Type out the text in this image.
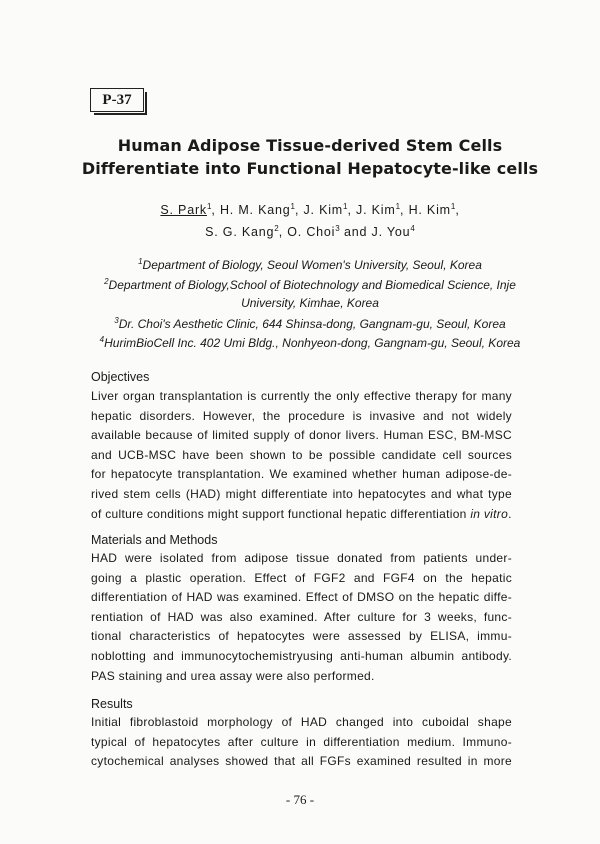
P-37
Human Adipose Tissue-derived Stem Cells
Differentiate into Functional Hepatocyte-like cells
S. Park$^1$, H. M. Kang$^1$, J. Kim$^1$, J. Kim$^1$, H. Kim$^1$,
S. G. Kang$^2$, O. Choi$^3$ and J. You$^4$
$^1$Department of Biology, Seoul Women's University, Seoul, Korea
$^2$Department of Biology,School of Biotechnology and Biomedical Science, Inje
University, Kimhae, Korea
$^3$Dr. Choi's Aesthetic Clinic, 644 Shinsa-dong, Gangnam-gu, Seoul, Korea
$^4$HurimBioCell Inc. 402 Umi Bldg., Nonhyeon-dong, Gangnam-gu, Seoul, Korea
Objectives
Liver organ transplantation is currently the only effective therapy for many
hepatic disorders. However, the procedure is invasive and not widely
available because of limited supply of donor livers. Human ESC, BM-MSC
and UCB-MSC have been shown to be possible candidate cell sources
for hepatocyte transplantation. We examined whether human adipose-de-
rived stem cells (HAD) might differentiate into hepatocytes and what type
of culture conditions might support functional hepatic differentiation in vitro.
Materials and Methods
HAD were isolated from adipose tissue donated from patients under-
going a plastic operation. Effect of FGF2 and FGF4 on the hepatic
differentiation of HAD was examined. Effect of DMSO on the hepatic diffe-
rentiation of HAD was also examined. After culture for 3 weeks, func-
tional characteristics of hepatocytes were assessed by ELISA, immu-
noblotting and immunocytochemistryusing anti-human albumin antibody.
PAS staining and urea assay were also performed.
Results
Initial fibroblastoid morphology of HAD changed into cuboidal shape
typical of hepatocytes after culture in differentiation medium. Immuno-
cytochemical analyses showed that all FGFs examined resulted in more
- 76 -
